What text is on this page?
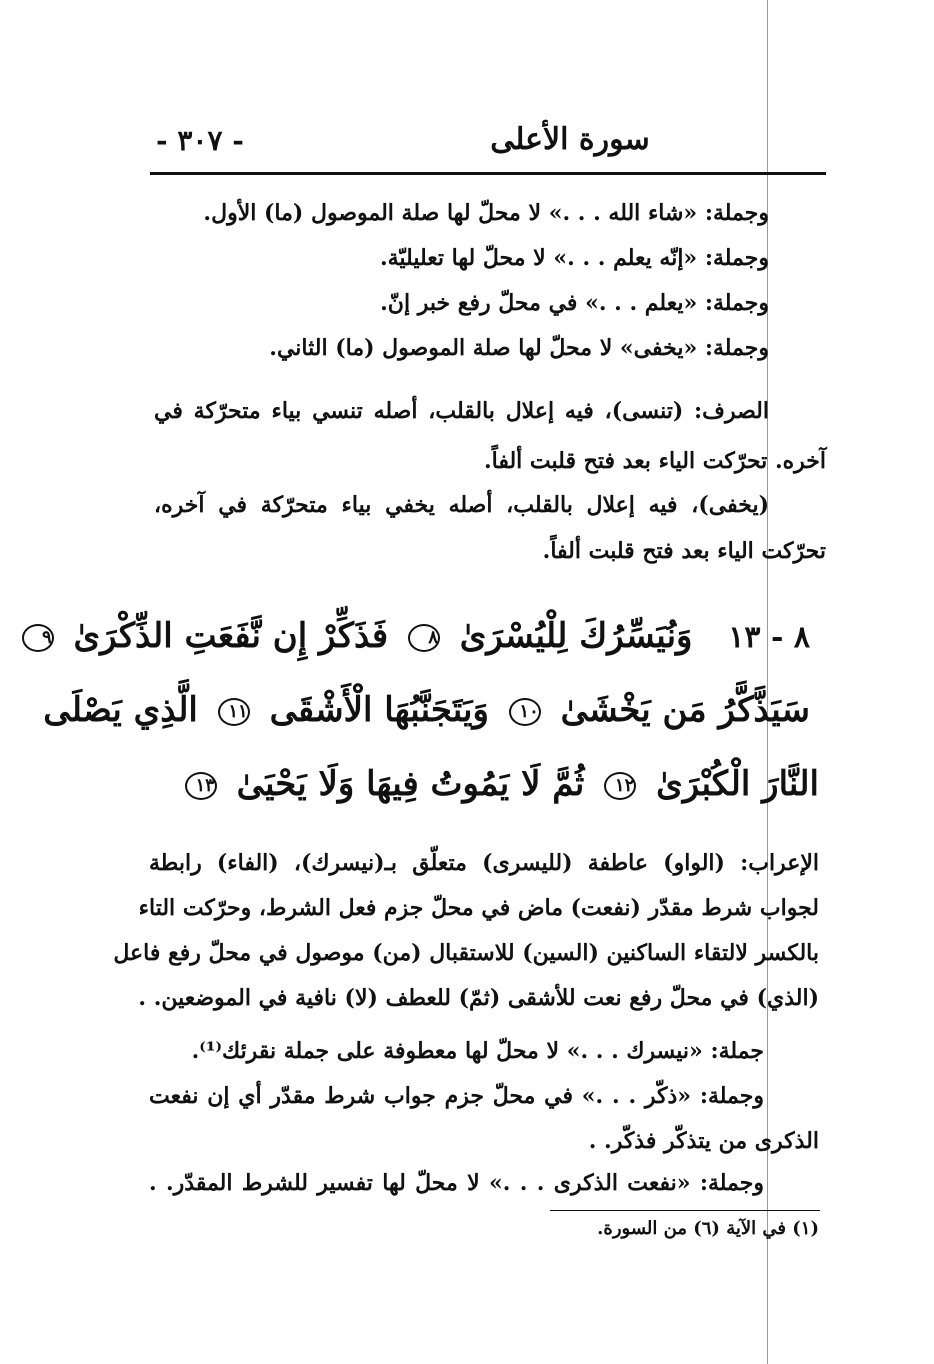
- ٣٠٧ -	سورة الأعلى
وجملة: «شاء الله . . .» لا محلّ لها صلة الموصول (ما) الأول.
وجملة: «إنّه يعلم . . .» لا محلّ لها تعليليّة.
وجملة: «يعلم . . .» في محلّ رفع خبر إنّ.
وجملة: «يخفى» لا محلّ لها صلة الموصول (ما) الثاني.
الصرف: (تنسى)، فيه إعلال بالقلب، أصله تنسي بياء متحرّكة في
آخره. تحرّكت الياء بعد فتح قلبت ألفاً.
(يخفى)، فيه إعلال بالقلب، أصله يخفي بياء متحرّكة في آخره،
تحرّكت الياء بعد فتح قلبت ألفاً.
٨ - ١٣ وَنُيَسِّرُكَ لِلْيُسْرَىٰ ٨ فَذَكِّرْ إِن نَّفَعَتِ الذِّكْرَىٰ ٩
سَيَذَّكَّرُ مَن يَخْشَىٰ ١٠ وَيَتَجَنَّبُهَا الْأَشْقَى ١١ الَّذِي يَصْلَى
النَّارَ الْكُبْرَىٰ ١٢ ثُمَّ لَا يَمُوتُ فِيهَا وَلَا يَحْيَىٰ ١٣
الإعراب: (الواو) عاطفة (لليسرى) متعلّق بـ(نيسرك)، (الفاء) رابطة
لجواب شرط مقدّر (نفعت) ماض في محلّ جزم فعل الشرط، وحرّكت التاء
بالكسر لالتقاء الساكنين (السين) للاستقبال (من) موصول في محلّ رفع فاعل
(الذي) في محلّ رفع نعت للأشقى (ثمّ) للعطف (لا) نافية في الموضعين. .
جملة: «نيسرك . . .» لا محلّ لها معطوفة على جملة نقرئك⁽¹⁾.
وجملة: «ذكّر . . .» في محلّ جزم جواب شرط مقدّر أي إن نفعت
الذكرى من يتذكّر فذكّر. .
وجملة: «نفعت الذكرى . . .» لا محلّ لها تفسير للشرط المقدّر. .
(١) في الآية (٦) من السورة.
